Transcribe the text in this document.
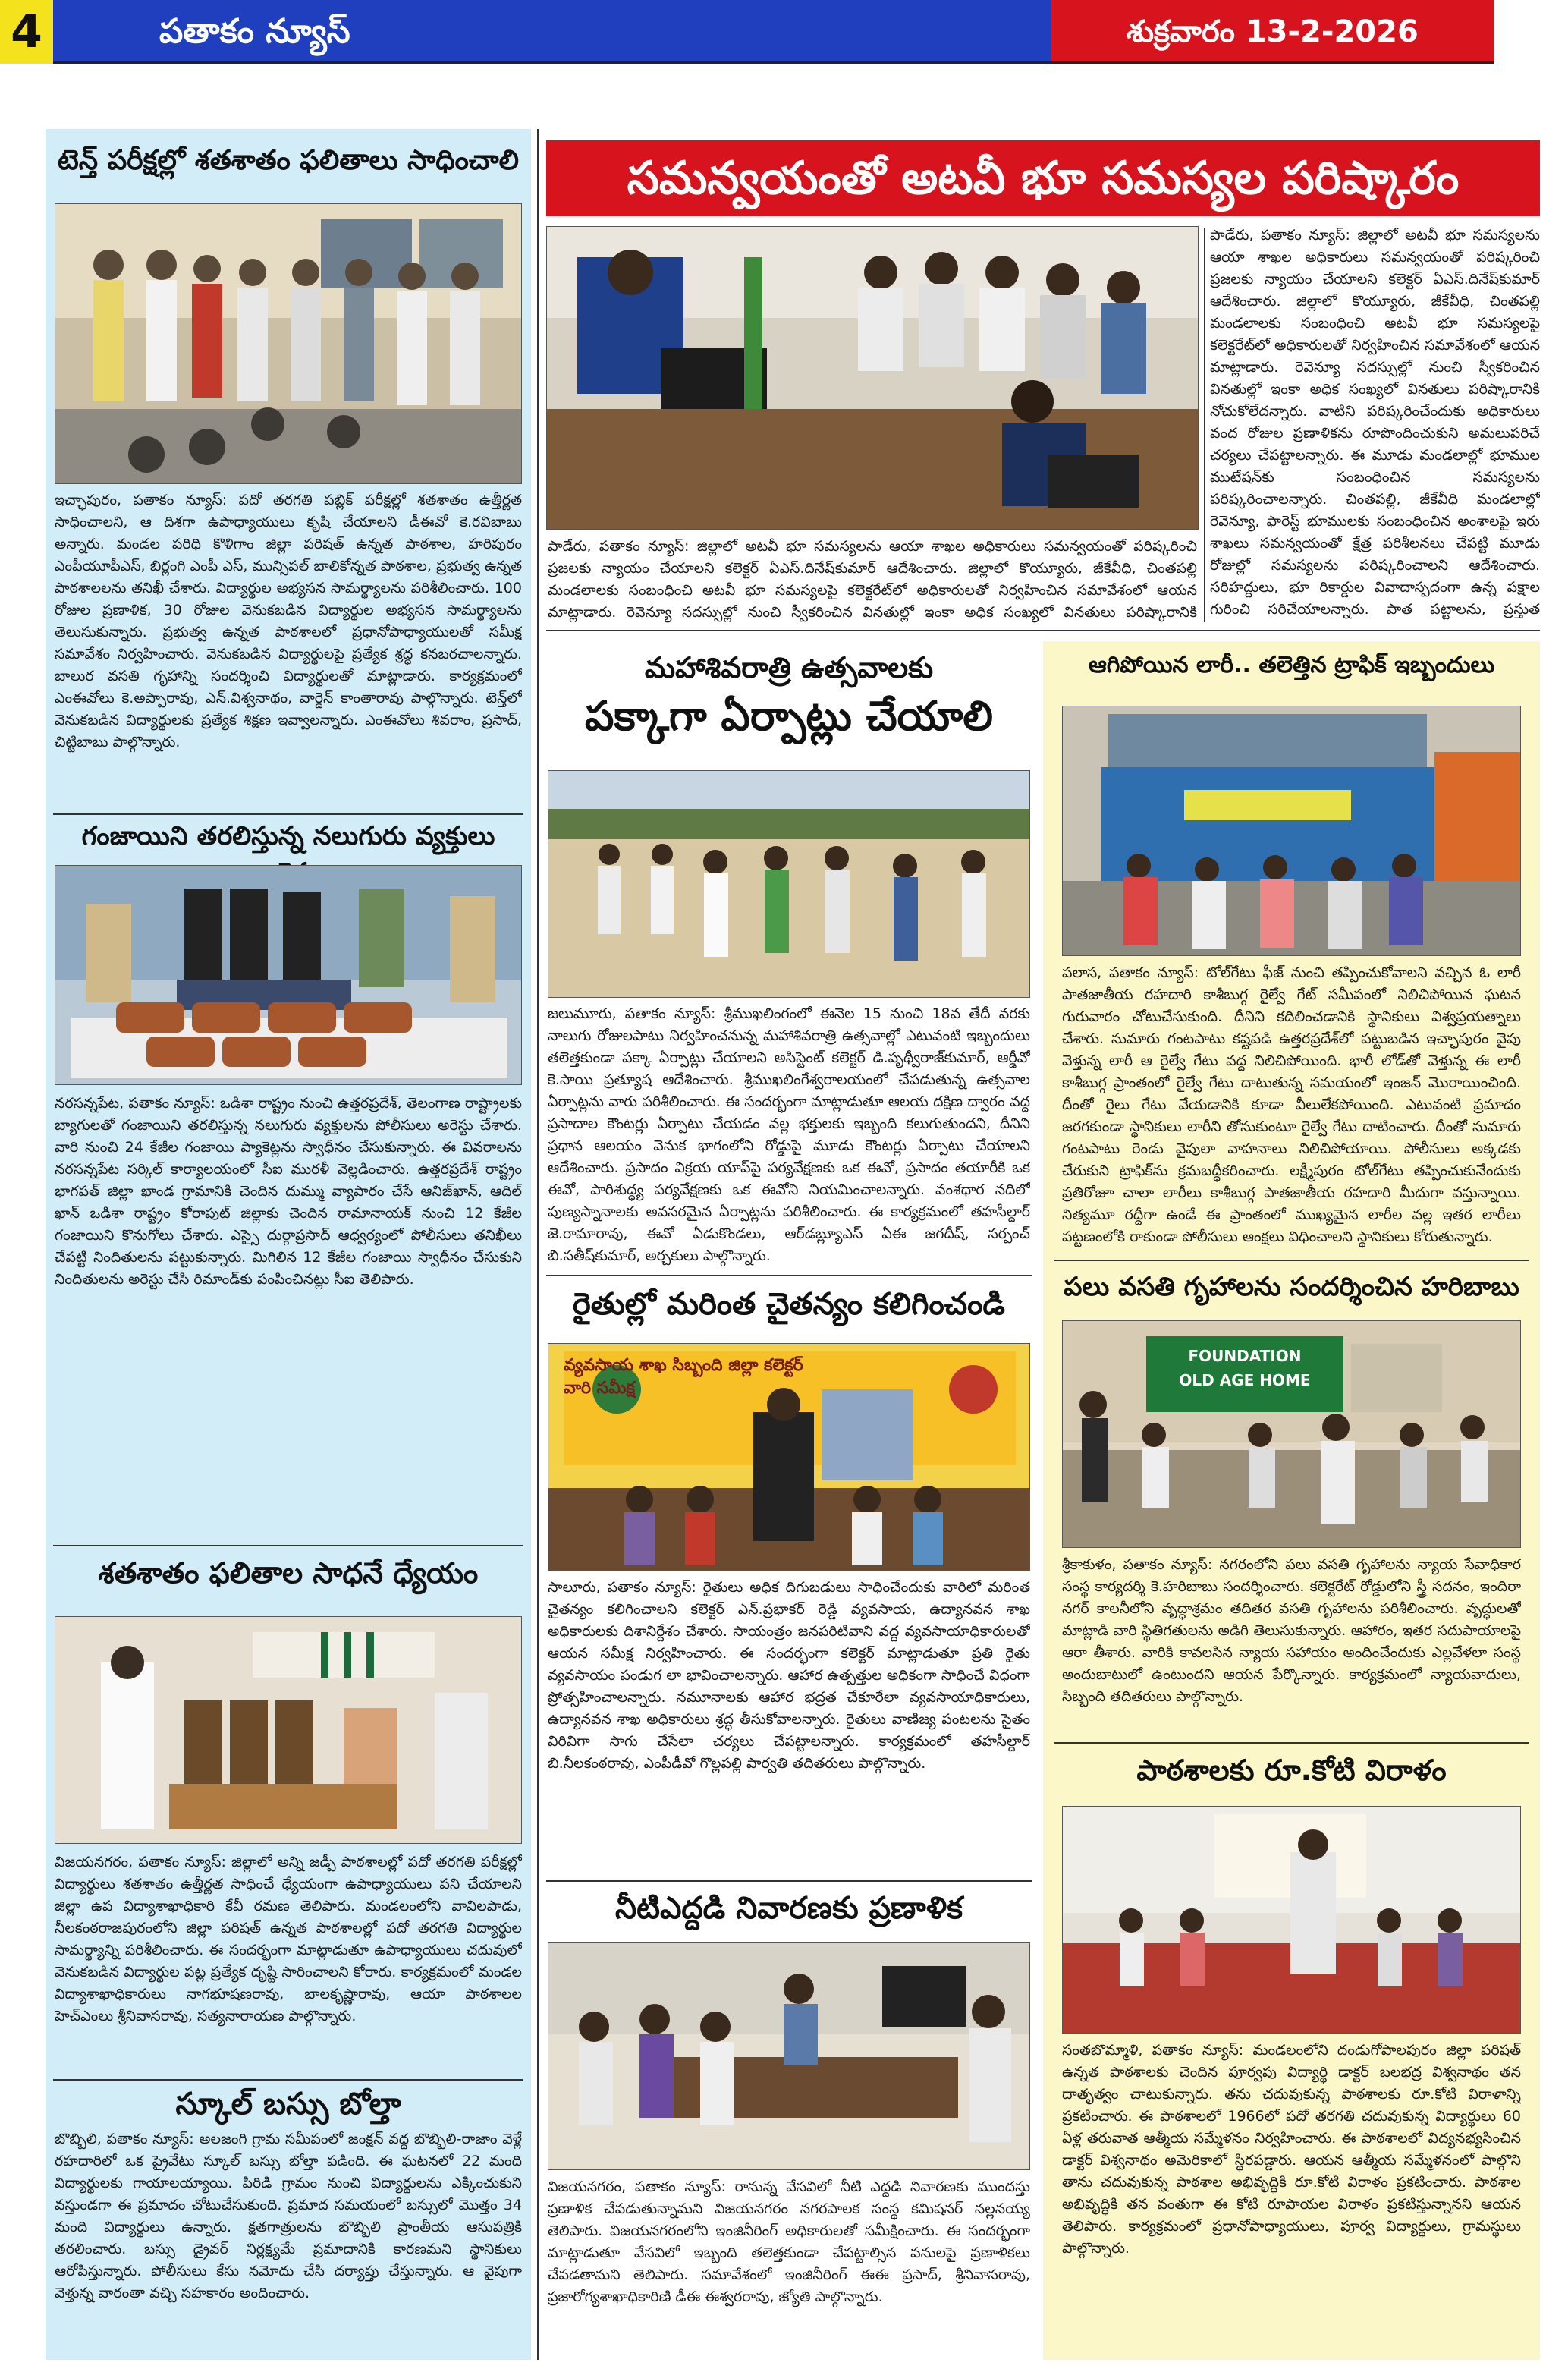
4	పతాకం న్యూస్	శుక్రవారం 13-2-2026
టెన్త్ పరీక్షల్లో శతశాతం ఫలితాలు సాధించాలి
ఇచ్ఛాపురం, పతాకం న్యూస్: పదో తరగతి పబ్లిక్ పరీక్షల్లో శతశాతం ఉత్తీర్ణత సాధించాలని, ఆ దిశగా ఉపాధ్యాయులు కృషి చేయాలని డీఈవో కె.రవిబాబు అన్నారు. మండల పరిధి కొళిగాం జిల్లా పరిషత్ ఉన్నత పాఠశాల, హరిపురం ఎంపీయూపీఎస్, బిర్లంగి ఎంపీ ఎస్, మున్సిపల్ బాలికోన్నత పాఠశాల, ప్రభుత్వ ఉన్నత పాఠశాలలను తనిఖీ చేశారు. విద్యార్థుల అభ్యసన సామర్థ్యాలను పరిశీలించారు. 100 రోజుల ప్రణాళిక, 30 రోజుల వెనుకబడిన విద్యార్థుల అభ్యసన సామర్థ్యాలను తెలుసుకున్నారు. ప్రభుత్వ ఉన్నత పాఠశాలలో ప్రధానోపాధ్యాయులతో సమీక్ష సమావేశం నిర్వహించారు. వెనుకబడిన విద్యార్థులపై ప్రత్యేక శ్రద్ధ కనబరచాలన్నారు. బాలుర వసతి గృహాన్ని సందర్శించి విద్యార్థులతో మాట్లాడారు. కార్యక్రమంలో ఎంఈవోలు కె.అప్పారావు, ఎన్.విశ్వనాథం, వార్డెన్ కాంతారావు పాల్గొన్నారు. టెన్త్‌లో వెనుకబడిన విద్యార్థులకు ప్రత్యేక శిక్షణ ఇవ్వాలన్నారు. ఎంఈవోలు శివరాం, ప్రసాద్, చిట్టిబాబు పాల్గొన్నారు.
గంజాయిని తరలిస్తున్న నలుగురు వ్యక్తులు
నరసన్నపేట, పతాకం న్యూస్: ఒడిశా రాష్ట్రం నుంచి ఉత్తరప్రదేశ్, తెలంగాణ రాష్ట్రాలకు బ్యాగులతో గంజాయిని తరలిస్తున్న నలుగురు వ్యక్తులను పోలీసులు అరెస్టు చేశారు. వారి నుంచి 24 కేజీల గంజాయి ప్యాకెట్లను స్వాధీనం చేసుకున్నారు. ఈ వివరాలను నరసన్నపేట సర్కిల్ కార్యాలయంలో సీఐ మురళీ వెల్లడించారు. ఉత్తరప్రదేశ్ రాష్ట్రం భాగపత్ జిల్లా ఖాండ గ్రామానికి చెందిన దుమ్ము వ్యాపారం చేసే ఆనిజ్‌ఖాన్, ఆదిల్ ఖాన్ ఒడిశా రాష్ట్రం కోరాపుట్ జిల్లాకు చెందిన రామానాయక్ నుంచి 12 కేజీల గంజాయిని కొనుగోలు చేశారు. ఎస్సై దుర్గాప్రసాద్ ఆధ్వర్యంలో పోలీసులు తనిఖీలు చేపట్టి నిందితులను పట్టుకున్నారు. మిగిలిన 12 కేజీల గంజాయి స్వాధీనం చేసుకుని నిందితులను అరెస్టు చేసి రిమాండ్‌కు పంపించినట్లు సీఐ తెలిపారు.
శతశాతం ఫలితాల సాధనే ధ్యేయం
విజయనగరం, పతాకం న్యూస్: జిల్లాలో అన్ని జడ్పీ పాఠశాలల్లో పదో తరగతి పరీక్షల్లో విద్యార్థులు శతశాతం ఉత్తీర్ణత సాధించే ధ్యేయంగా ఉపాధ్యాయులు పని చేయాలని జిల్లా ఉప విద్యాశాఖాధికారి కేవీ రమణ తెలిపారు. మండలంలోని వావిలపాడు, నీలకంఠరాజపురంలోని జిల్లా పరిషత్ ఉన్నత పాఠశాలల్లో పదో తరగతి విద్యార్థుల సామర్థ్యాన్ని పరిశీలించారు. ఈ సందర్భంగా మాట్లాడుతూ ఉపాధ్యాయులు చదువులో వెనుకబడిన విద్యార్థుల పట్ల ప్రత్యేక దృష్టి సారించాలని కోరారు. కార్యక్రమంలో మండల విద్యాశాఖాధికారులు నాగభూషణరావు, బాలకృష్ణారావు, ఆయా పాఠశాలల హెచ్ఎంలు శ్రీనివాసరావు, సత్యనారాయణ పాల్గొన్నారు.
స్కూల్ బస్సు బోల్తా
బొబ్బిలి, పతాకం న్యూస్: అలజంగి గ్రామ సమీపంలో జంక్షన్ వద్ద బొబ్బిలి-రాజాం వెళ్లే రహదారిలో ఒక ప్రైవేటు స్కూల్ బస్సు బోల్తా పడింది. ఈ ఘటనలో 22 మంది విద్యార్థులకు గాయాలయ్యాయి. పిరిడి గ్రామం నుంచి విద్యార్థులను ఎక్కించుకుని వస్తుండగా ఈ ప్రమాదం చోటుచేసుకుంది. ప్రమాద సమయంలో బస్సులో మొత్తం 34 మంది విద్యార్థులు ఉన్నారు. క్షతగాత్రులను బొబ్బిలి ప్రాంతీయ ఆసుపత్రికి తరలించారు. బస్సు డ్రైవర్ నిర్లక్ష్యమే ప్రమాదానికి కారణమని స్థానికులు ఆరోపిస్తున్నారు. పోలీసులు కేసు నమోదు చేసి దర్యాప్తు చేస్తున్నారు. ఆ వైపుగా వెళ్తున్న వారంతా వచ్చి సహకారం అందించారు.
సమన్వయంతో అటవీ భూ సమస్యల పరిష్కారం
పాడేరు, పతాకం న్యూస్: జిల్లాలో అటవీ భూ సమస్యలను ఆయా శాఖల అధికారులు సమన్వయంతో పరిష్కరించి ప్రజలకు న్యాయం చేయాలని కలెక్టర్ ఏఎస్.దినేష్‌కుమార్ ఆదేశించారు. జిల్లాలో కొయ్యూరు, జీకేవీధి, చింతపల్లి మండలాలకు సంబంధించి అటవీ భూ సమస్యలపై కలెక్టరేట్‌లో అధికారులతో నిర్వహించిన సమావేశంలో ఆయన మాట్లాడారు. రెవెన్యూ సదస్సుల్లో నుంచి స్వీకరించిన వినతుల్లో ఇంకా అధిక సంఖ్యలో వినతులు పరిష్కారానికి
పాడేరు, పతాకం న్యూస్: జిల్లాలో అటవీ భూ సమస్యలను ఆయా శాఖల అధికారులు సమన్వయంతో పరిష్కరించి ప్రజలకు న్యాయం చేయాలని కలెక్టర్ ఏఎస్.దినేష్‌కుమార్ ఆదేశించారు. జిల్లాలో కొయ్యూరు, జీకేవీధి, చింతపల్లి మండలాలకు సంబంధించి అటవీ భూ సమస్యలపై కలెక్టరేట్‌లో అధికారులతో నిర్వహించిన సమావేశంలో ఆయన మాట్లాడారు. రెవెన్యూ సదస్సుల్లో నుంచి స్వీకరించిన వినతుల్లో ఇంకా అధిక సంఖ్యలో వినతులు పరిష్కారానికి నోచుకోలేదన్నారు. వాటిని పరిష్కరించేందుకు అధికారులు వంద రోజుల ప్రణాళికను రూపొందించుకుని అమలుపరిచే చర్యలు చేపట్టాలన్నారు. ఈ మూడు మండలాల్లో భూముల ముటేషన్‌కు సంబంధించిన సమస్యలను పరిష్కరించాలన్నారు. చింతపల్లి, జీకేవీధి మండలాల్లో రెవెన్యూ, ఫారెస్ట్ భూములకు సంబంధించిన అంశాలపై ఇరు శాఖలు సమన్వయంతో క్షేత్ర పరిశీలనలు చేపట్టి మూడు రోజుల్లో సమస్యలను పరిష్కరించాలని ఆదేశించారు. సరిహద్దులు, భూ రికార్డుల వివాదాస్పదంగా ఉన్న పక్షాల గురించి సరిచేయాలన్నారు. పాత పట్టాలను, ప్రస్తుత
మహాశివరాత్రి ఉత్సవాలకు
పక్కాగా ఏర్పాట్లు చేయాలి
జలుమూరు, పతాకం న్యూస్: శ్రీముఖలింగంలో ఈనెల 15 నుంచి 18వ తేదీ వరకు నాలుగు రోజులపాటు నిర్వహించనున్న మహాశివరాత్రి ఉత్సవాల్లో ఎటువంటి ఇబ్బందులు తలెత్తకుండా పక్కా ఏర్పాట్లు చేయాలని అసిస్టెంట్ కలెక్టర్ డి.పృథ్వీరాజ్‌కుమార్, ఆర్డీవో కె.సాయి ప్రత్యూష ఆదేశించారు. శ్రీముఖలింగేశ్వరాలయంలో చేపడుతున్న ఉత్సవాల ఏర్పాట్లను వారు పరిశీలించారు. ఈ సందర్భంగా మాట్లాడుతూ ఆలయ దక్షిణ ద్వారం వద్ద ప్రసాదాల కౌంటర్లు ఏర్పాటు చేయడం వల్ల భక్తులకు ఇబ్బంది కలుగుతుందని, దీనిని ప్రధాన ఆలయం వెనుక భాగంలోని రోడ్డుపై మూడు కౌంటర్లు ఏర్పాటు చేయాలని ఆదేశించారు. ప్రసాదం విక్రయ యాప్‌పై పర్యవేక్షణకు ఒక ఈవో, ప్రసాదం తయారీకి ఒక ఈవో, పారిశుద్ధ్య పర్యవేక్షణకు ఒక ఈవోని నియమించాలన్నారు. వంశధార నదిలో పుణ్యస్నానాలకు అవసరమైన ఏర్పాట్లను పరిశీలించారు. ఈ కార్యక్రమంలో తహసీల్దార్ జె.రామారావు, ఈవో ఏడుకొండలు, ఆర్‌డబ్ల్యూఎస్ ఏఈ జగదీష్, సర్పంచ్ బి.సతీష్‌కుమార్, అర్చకులు పాల్గొన్నారు.
రైతుల్లో మరింత చైతన్యం కలిగించండి
వ్యవసాయ శాఖ సిబ్బంది జిల్లా కలెక్టర్ వారి సమీక్ష
సాలూరు, పతాకం న్యూస్: రైతులు అధిక దిగుబడులు సాధించేందుకు వారిలో మరింత చైతన్యం కలిగించాలని కలెక్టర్ ఎన్.ప్రభాకర్ రెడ్డి వ్యవసాయ, ఉద్యానవన శాఖ అధికారులకు దిశానిర్దేశం చేశారు. సాయంత్రం జనపరిటివాని వద్ద వ్యవసాయాధికారులతో ఆయన సమీక్ష నిర్వహించారు. ఈ సందర్భంగా కలెక్టర్ మాట్లాడుతూ ప్రతి రైతు వ్యవసాయం పండుగ లా భావించాలన్నారు. ఆహార ఉత్పత్తుల అధికంగా సాధించే విధంగా ప్రోత్సహించాలన్నారు. నమూనాలకు ఆహార భద్రత చేకూరేలా వ్యవసాయాధికారులు, ఉద్యానవన శాఖ అధికారులు శ్రద్ధ తీసుకోవాలన్నారు. రైతులు వాణిజ్య పంటలను సైతం విరివిగా సాగు చేసేలా చర్యలు చేపట్టాలన్నారు. కార్యక్రమంలో తహసీల్దార్ బి.నీలకంఠరావు, ఎంపీడీవో గొల్లపల్లి పార్వతి తదితరులు పాల్గొన్నారు.
నీటిఎద్దడి నివారణకు ప్రణాళిక
విజయనగరం, పతాకం న్యూస్: రానున్న వేసవిలో నీటి ఎద్దడి నివారణకు ముందస్తు ప్రణాళిక చేపడుతున్నామని విజయనగరం నగరపాలక సంస్థ కమిషనర్ నల్లనయ్య తెలిపారు. విజయనగరంలోని ఇంజినీరింగ్ అధికారులతో సమీక్షించారు. ఈ సందర్భంగా మాట్లాడుతూ వేసవిలో ఇబ్బంది తలెత్తకుండా చేపట్టాల్సిన పనులపై ప్రణాళికలు చేపడతామని తెలిపారు. సమావేశంలో ఇంజినీరింగ్ ఈఈ ప్రసాద్, శ్రీనివాసరావు, ప్రజారోగ్యశాఖాధికారిణి డీఈ ఈశ్వరరావు, జ్యోతి పాల్గొన్నారు.
ఆగిపోయిన లారీ.. తలెత్తిన ట్రాఫిక్ ఇబ్బందులు
పలాస, పతాకం న్యూస్: టోల్‌గేటు ఫీజ్ నుంచి తప్పించుకోవాలని వచ్చిన ఓ లారీ పాతజాతీయ రహదారి కాశీబుగ్గ రైల్వే గేట్ సమీపంలో నిలిచిపోయిన ఘటన గురువారం చోటుచేసుకుంది. దీనిని కదిలించడానికి స్థానికులు విశ్వప్రయత్నాలు చేశారు. సుమారు గంటపాటు కష్టపడి ఉత్తరప్రదేశ్‌లో పట్టుబడిన ఇచ్ఛాపురం వైపు వెళ్తున్న లారీ ఆ రైల్వే గేటు వద్ద నిలిచిపోయింది. భారీ లోడ్‌తో వెళ్తున్న ఈ లారీ కాశీబుగ్గ ప్రాంతంలో రైల్వే గేటు దాటుతున్న సమయంలో ఇంజన్ మొరాయించింది. దీంతో రైలు గేటు వేయడానికి కూడా వీలులేకపోయింది. ఎటువంటి ప్రమాదం జరగకుండా స్థానికులు లారీని తోసుకుంటూ రైల్వే గేటు దాటించారు. దీంతో సుమారు గంటపాటు రెండు వైపులా వాహనాలు నిలిచిపోయాయి. పోలీసులు అక్కడకు చేరుకుని ట్రాఫిక్‌ను క్రమబద్ధీకరించారు. లక్ష్మీపురం టోల్‌గేటు తప్పించుకునేందుకు ప్రతిరోజూ చాలా లారీలు కాశీబుగ్గ పాతజాతీయ రహదారి మీదుగా వస్తున్నాయి. నిత్యమూ రద్దీగా ఉండే ఈ ప్రాంతంలో ముఖ్యమైన లారీల వల్ల ఇతర లారీలు పట్టణంలోకి రాకుండా పోలీసులు ఆంక్షలు విధించాలని స్థానికులు కోరుతున్నారు.
పలు వసతి గృహాలను సందర్శించిన హరిబాబు
FOUNDATION
OLD AGE HOME
శ్రీకాకుళం, పతాకం న్యూస్: నగరంలోని పలు వసతి గృహాలను న్యాయ సేవాధికార సంస్థ కార్యదర్శి కె.హరిబాబు సందర్శించారు. కలెక్టరేట్ రోడ్డులోని స్త్రీ సదనం, ఇందిరా నగర్ కాలనీలోని వృద్ధాశ్రమం తదితర వసతి గృహాలను పరిశీలించారు. వృద్ధులతో మాట్లాడి వారి స్థితిగతులను అడిగి తెలుసుకున్నారు. ఆహారం, ఇతర సదుపాయాలపై ఆరా తీశారు. వారికి కావలసిన న్యాయ సహాయం అందించేందుకు ఎల్లవేళలా సంస్థ అందుబాటులో ఉంటుందని ఆయన పేర్కొన్నారు. కార్యక్రమంలో న్యాయవాదులు, సిబ్బంది తదితరులు పాల్గొన్నారు.
పాఠశాలకు రూ.కోటి విరాళం
సంతబొమ్మాళి, పతాకం న్యూస్: మండలంలోని దండుగోపాలపురం జిల్లా పరిషత్ ఉన్నత పాఠశాలకు చెందిన పూర్వపు విద్యార్థి డాక్టర్ బలభద్ర విశ్వనాథం తన దాతృత్వం చాటుకున్నారు. తను చదువుకున్న పాఠశాలకు రూ.కోటి విరాళాన్ని ప్రకటించారు. ఈ పాఠశాలలో 1966లో పదో తరగతి చదువుకున్న విద్యార్థులు 60 ఏళ్ల తరువాత ఆత్మీయ సమ్మేళనం నిర్వహించారు. ఈ పాఠశాలలో విద్యనభ్యసించిన డాక్టర్ విశ్వనాథం అమెరికాలో స్థిరపడ్డారు. ఆయన ఆత్మీయ సమ్మేళనంలో పాల్గొని తాను చదువుకున్న పాఠశాల అభివృద్ధికి రూ.కోటి విరాళం ప్రకటించారు. పాఠశాల అభివృద్ధికి తన వంతుగా ఈ కోటి రూపాయల విరాళం ప్రకటిస్తున్నానని ఆయన తెలిపారు. కార్యక్రమంలో ప్రధానోపాధ్యాయులు, పూర్వ విద్యార్థులు, గ్రామస్థులు పాల్గొన్నారు.
